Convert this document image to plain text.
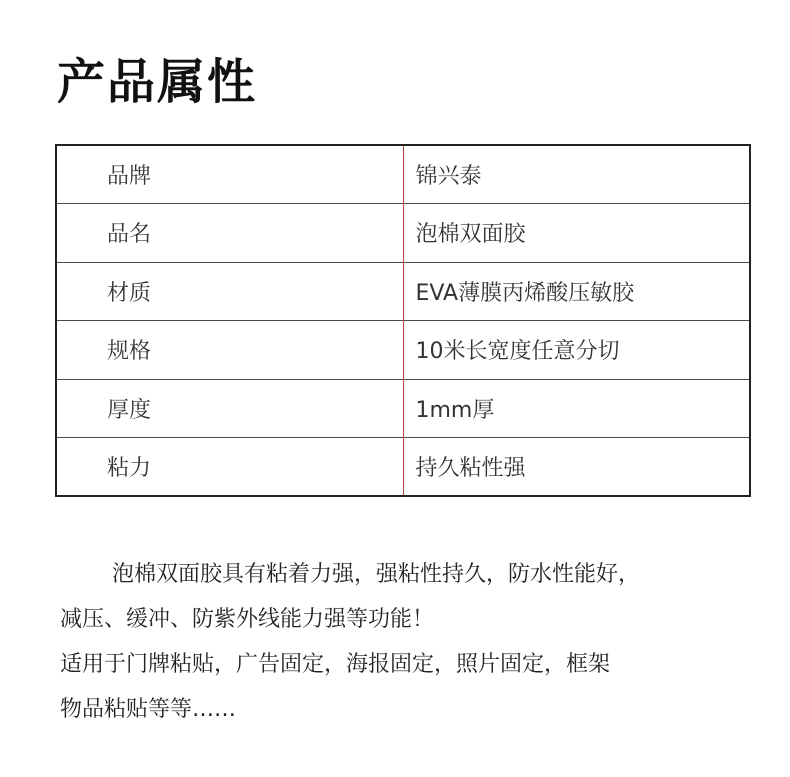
产品属性
品牌	锦兴泰
品名	泡棉双面胶
材质	EVA薄膜丙烯酸压敏胶
规格	10米长宽度任意分切
厚度	1mm厚
粘力	持久粘性强
泡棉双面胶具有粘着力强，强粘性持久，防水性能好，
减压、缓冲、防紫外线能力强等功能！
适用于门牌粘贴，广告固定，海报固定，照片固定，框架
物品粘贴等等……
